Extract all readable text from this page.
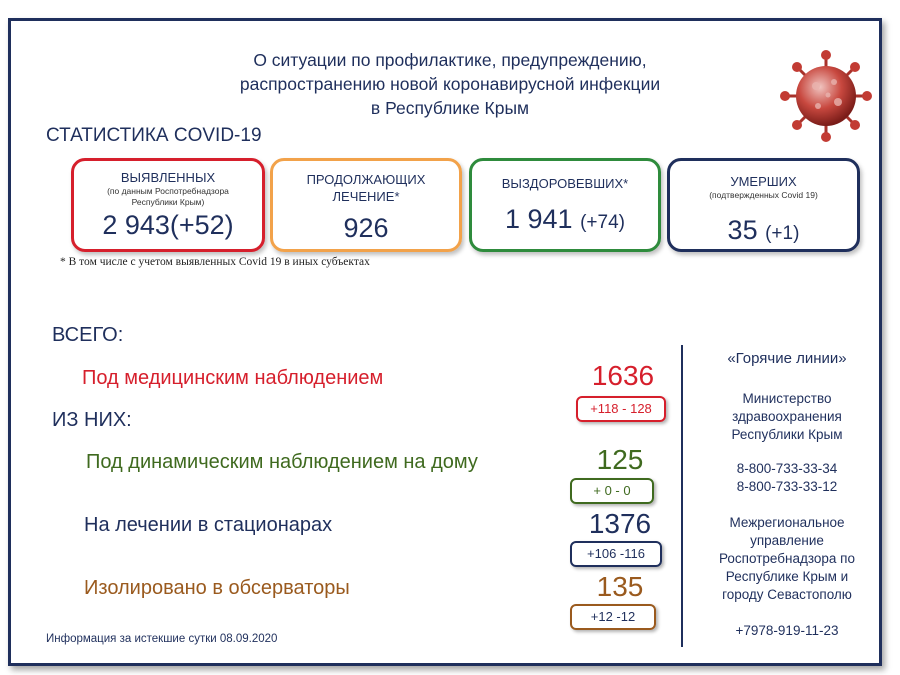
О ситуации по профилактике, предупреждению,
распространению новой коронавирусной инфекции
в Республике Крым
СТАТИСТИКА COVID-19
ВЫЯВЛЕННЫХ
(по данным Роспотребнадзора
Республики Крым)
2 943(+52)
ПРОДОЛЖАЮЩИХ
ЛЕЧЕНИЕ*
926
ВЫЗДОРОВЕВШИХ*
1 941 (+74)
УМЕРШИХ
(подтвержденных Covid 19)
35 (+1)
* В том числе с учетом выявленных Covid 19 в иных субъектах
ВСЕГО:
ИЗ НИХ:
Под медицинским наблюдением	1636
+118 - 128
Под динамическим наблюдением на дому	125
+ 0 - 0
На лечении в стационарах	1376
+106 -116
Изолировано в обсерваторы	135
+12 -12
«Горячие линии»
Министерство
здравоохранения
Республики Крым
8-800-733-33-34
8-800-733-33-12
Межрегиональное
управление
Роспотребнадзора по
Республике Крым и
городу Севастополю
+7978-919-11-23
Информация за истекшие сутки 08.09.2020
